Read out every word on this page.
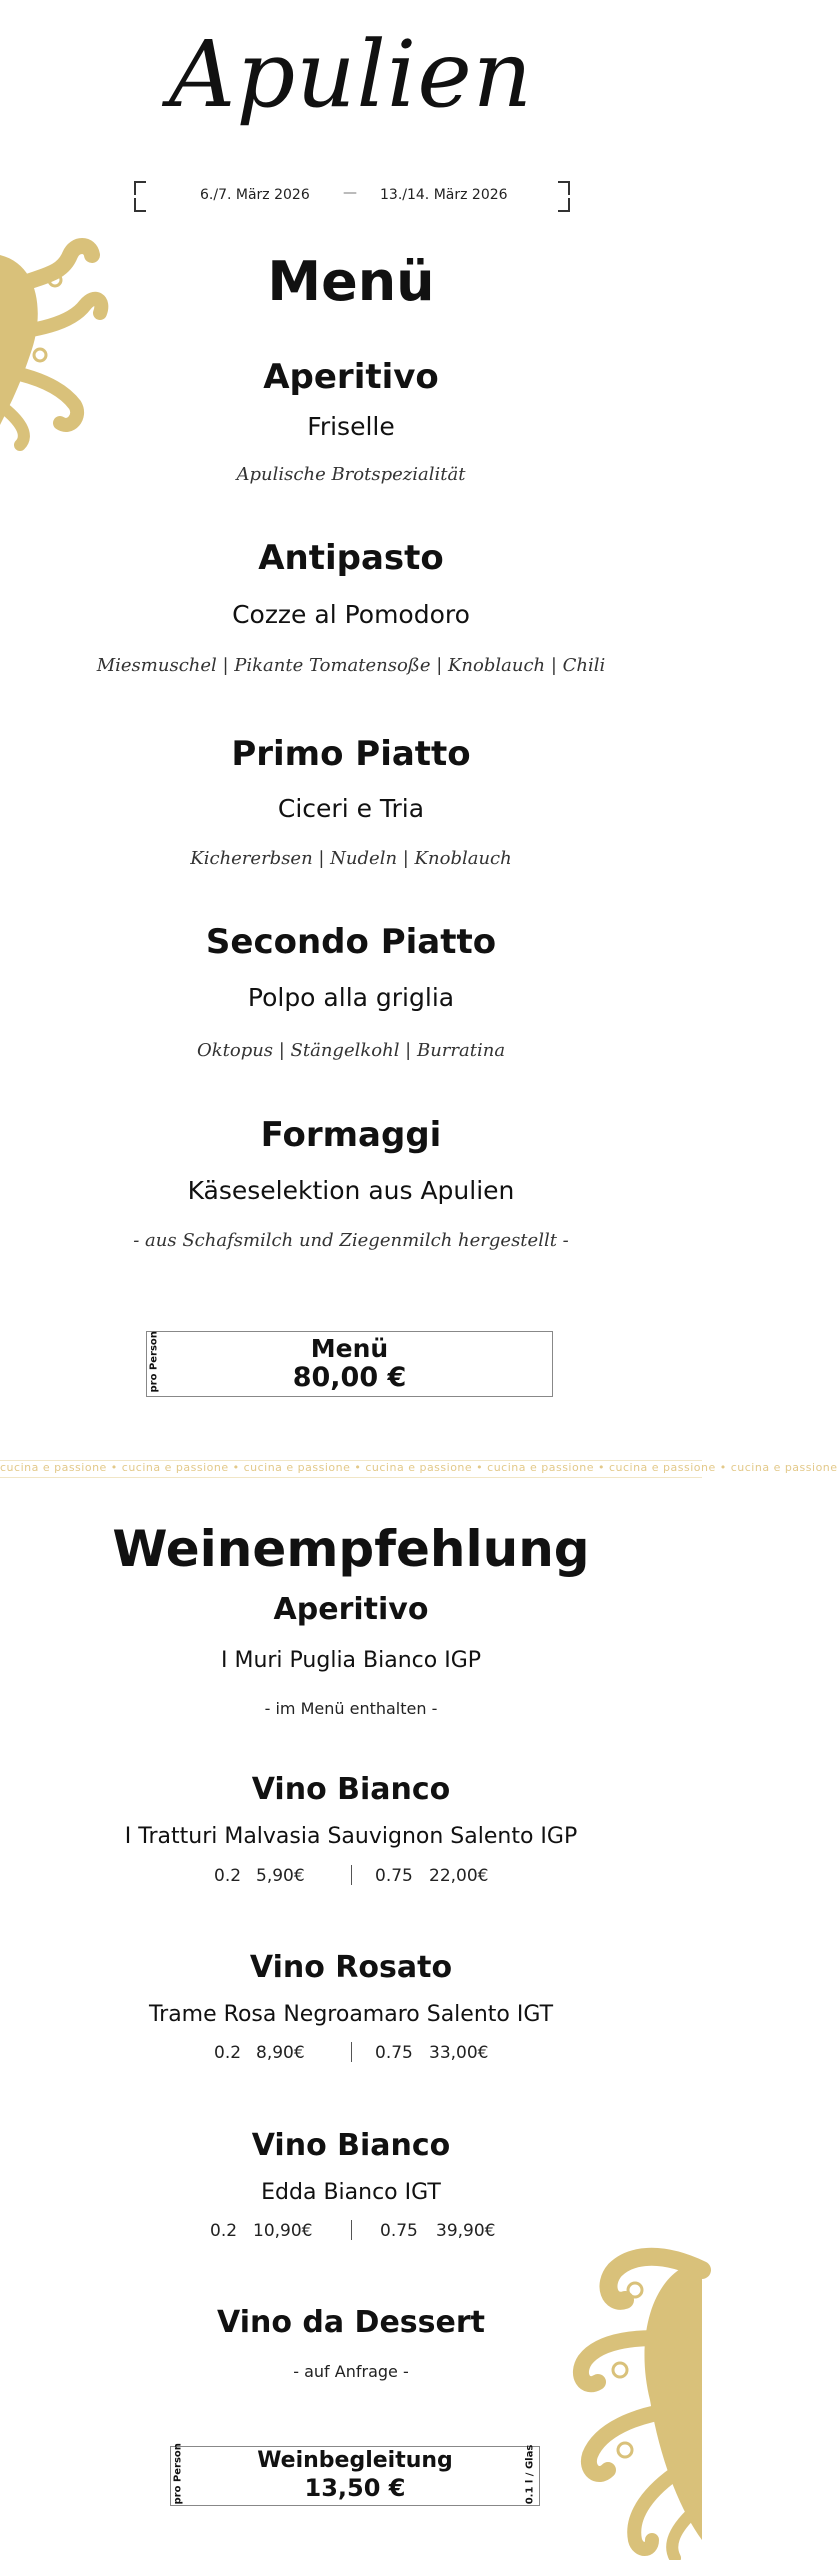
Apulien
6./7. März 2026 — 13./14. März 2026
Menü
Aperitivo
Friselle
Apulische Brotspezialität
Antipasto
Cozze al Pomodoro
Miesmuschel | Pikante Tomatensoße | Knoblauch | Chili
Primo Piatto
Ciceri e Tria
Kichererbsen | Nudeln | Knoblauch
Secondo Piatto
Polpo alla griglia
Oktopus | Stängelkohl | Burratina
Formaggi
Käseselektion aus Apulien
- aus Schafsmilch und Ziegenmilch hergestellt -
pro Person	Menü
80,00 €
cucina e passione • cucina e passione • cucina e passione • cucina e passione • cucina e passione • cucina e passione • cucina e passione
Weinempfehlung
Aperitivo
I Muri Puglia Bianco IGP
- im Menü enthalten -
Vino Bianco
I Tratturi Malvasia Sauvignon Salento IGP
0.2 5,90€	0.75 22,00€
Vino Rosato
Trame Rosa Negroamaro Salento IGT
0.2 8,90€	0.75 33,00€
Vino Bianco
Edda Bianco IGT
0.2 10,90€	0.75 39,90€
Vino da Dessert
- auf Anfrage -
pro Person	Weinbegleitung
13,50 €	0.1 l / Glas
